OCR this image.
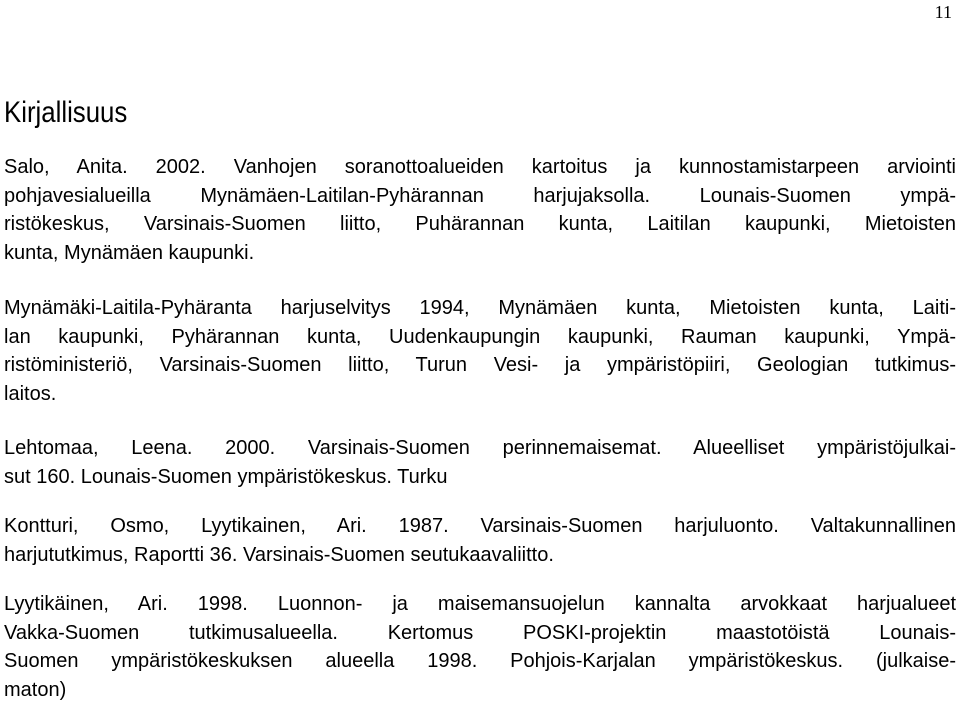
11
Kirjallisuus
Salo, Anita. 2002. Vanhojen soranottoalueiden kartoitus ja kunnostamistarpeen arviointi
pohjavesialueilla Mynämäen-Laitilan-Pyhärannan harjujaksolla. Lounais-Suomen ympä-
ristökeskus, Varsinais-Suomen liitto, Puhärannan kunta, Laitilan kaupunki, Mietoisten
kunta, Mynämäen kaupunki.
Mynämäki-Laitila-Pyhäranta harjuselvitys 1994, Mynämäen kunta, Mietoisten kunta, Laiti-
lan kaupunki, Pyhärannan kunta, Uudenkaupungin kaupunki, Rauman kaupunki, Ympä-
ristöministeriö, Varsinais-Suomen liitto, Turun Vesi- ja ympäristöpiiri, Geologian tutkimus-
laitos.
Lehtomaa, Leena. 2000. Varsinais-Suomen perinnemaisemat. Alueelliset ympäristöjulkai-
sut 160. Lounais-Suomen ympäristökeskus. Turku
Kontturi, Osmo, Lyytikainen, Ari. 1987. Varsinais-Suomen harjuluonto. Valtakunnallinen
harjututkimus, Raportti 36. Varsinais-Suomen seutukaavaliitto.
Lyytikäinen, Ari. 1998. Luonnon- ja maisemansuojelun kannalta arvokkaat harjualueet
Vakka-Suomen tutkimusalueella. Kertomus POSKI-projektin maastotöistä Lounais-
Suomen ympäristökeskuksen alueella 1998. Pohjois-Karjalan ympäristökeskus. (julkaise-
maton)
